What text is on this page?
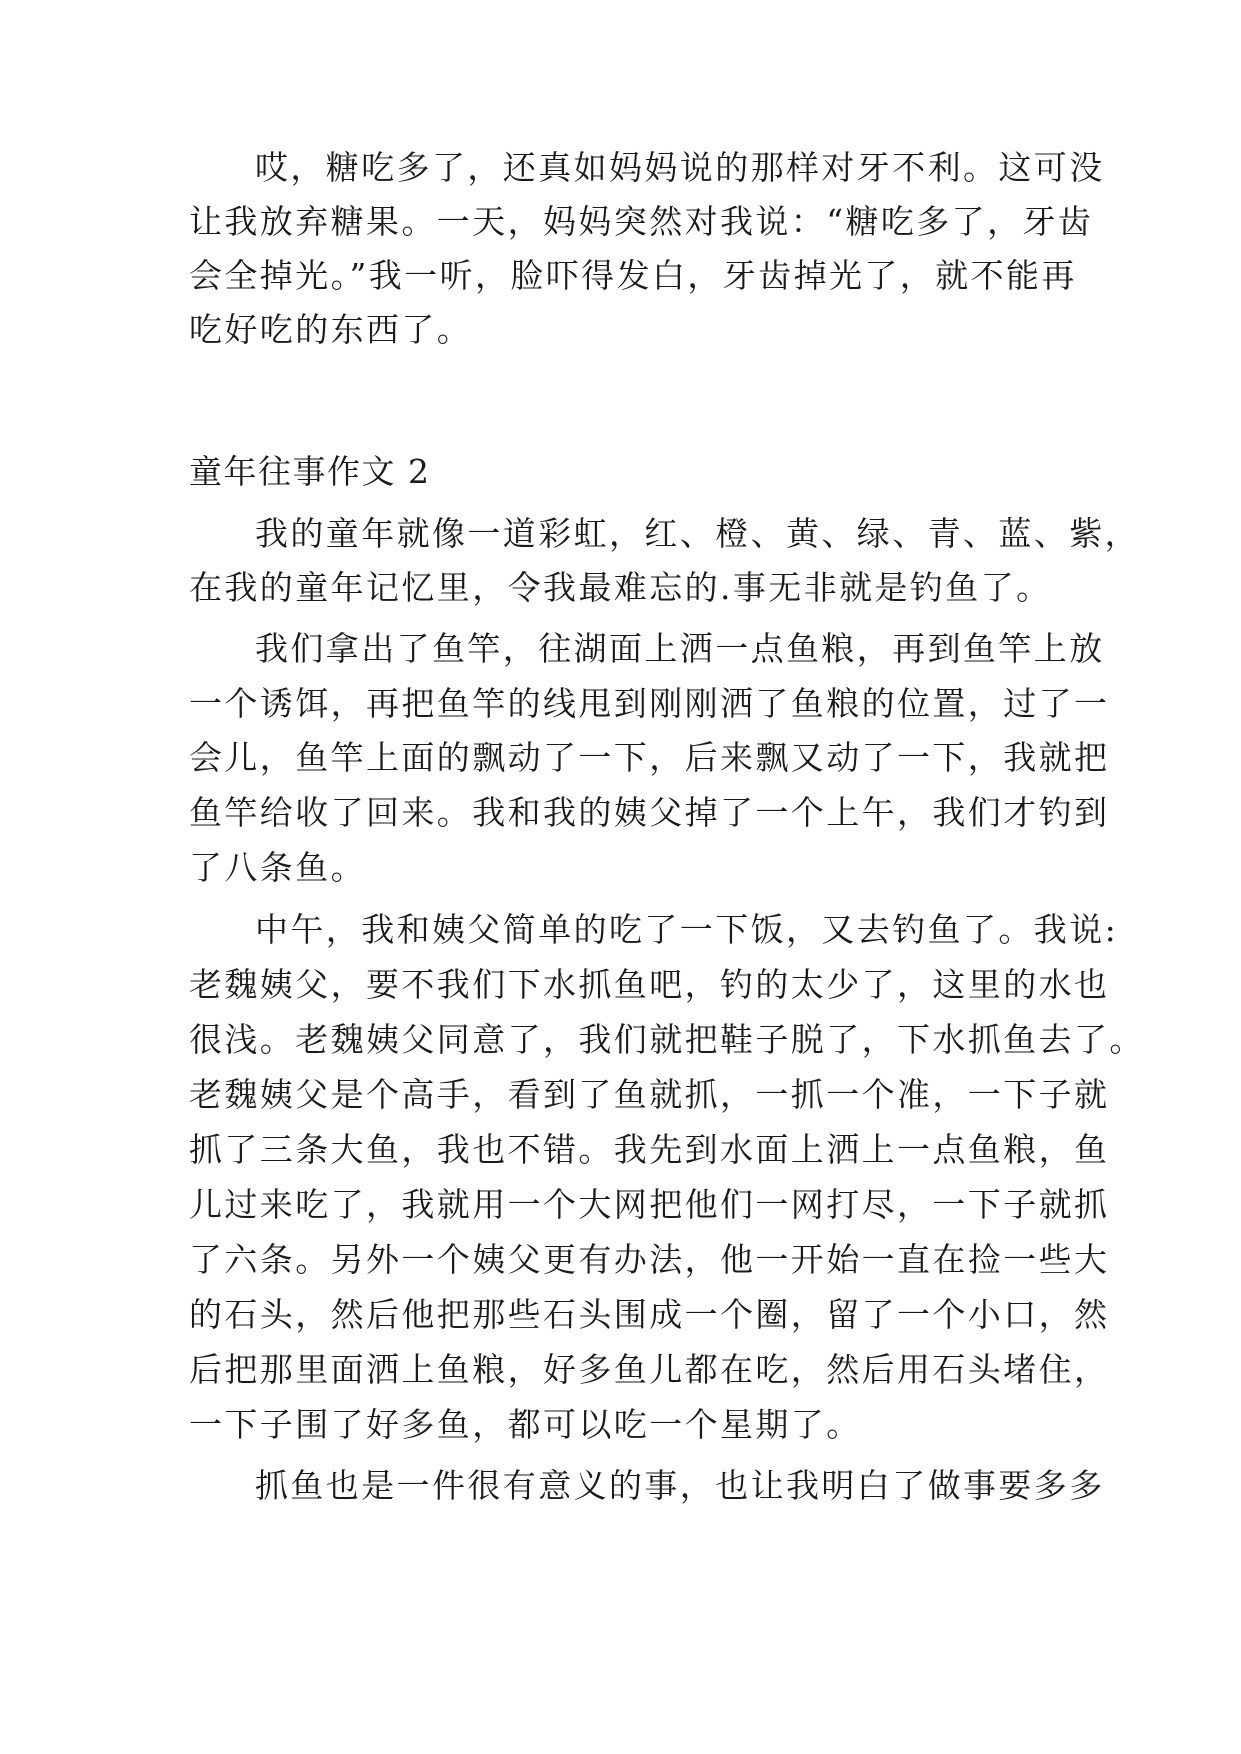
哎，糖吃多了，还真如妈妈说的那样对牙不利。这可没
让我放弃糖果。一天，妈妈突然对我说：“糖吃多了，牙齿
会全掉光。”我一听，脸吓得发白，牙齿掉光了，就不能再
吃好吃的东西了。
童年往事作文 2
我的童年就像一道彩虹，红、橙、黄、绿、青、蓝、紫，
在我的童年记忆里，令我最难忘的.事无非就是钓鱼了。
我们拿出了鱼竿，往湖面上洒一点鱼粮，再到鱼竿上放
一个诱饵，再把鱼竿的线甩到刚刚洒了鱼粮的位置，过了一
会儿，鱼竿上面的飘动了一下，后来飘又动了一下，我就把
鱼竿给收了回来。我和我的姨父掉了一个上午，我们才钓到
了八条鱼。
中午，我和姨父简单的吃了一下饭，又去钓鱼了。我说:
老魏姨父，要不我们下水抓鱼吧，钓的太少了，这里的水也
很浅。老魏姨父同意了，我们就把鞋子脱了，下水抓鱼去了。
老魏姨父是个高手，看到了鱼就抓，一抓一个准，一下子就
抓了三条大鱼，我也不错。我先到水面上洒上一点鱼粮，鱼
儿过来吃了，我就用一个大网把他们一网打尽，一下子就抓
了六条。另外一个姨父更有办法，他一开始一直在捡一些大
的石头，然后他把那些石头围成一个圈，留了一个小口，然
后把那里面洒上鱼粮，好多鱼儿都在吃，然后用石头堵住，
一下子围了好多鱼，都可以吃一个星期了。
抓鱼也是一件很有意义的事，也让我明白了做事要多多
